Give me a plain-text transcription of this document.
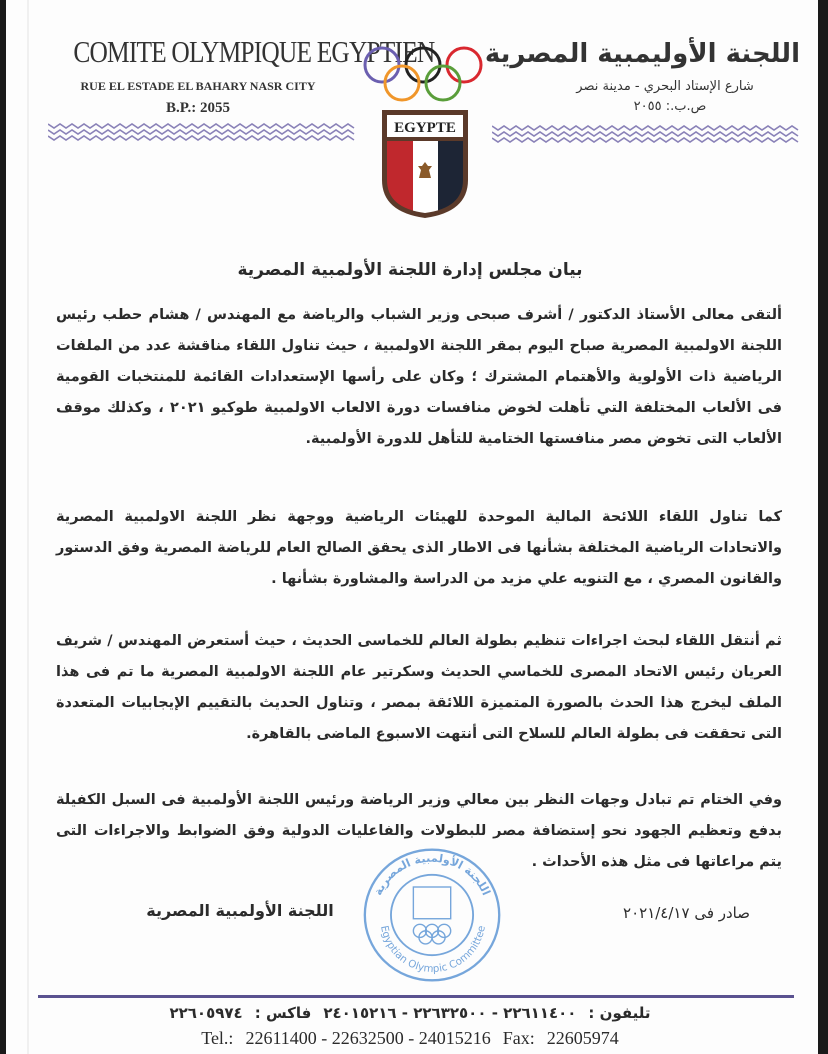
COMITE OLYMPIQUE EGYPTIEN
RUE EL ESTADE EL BAHARY NASR CITY
B.P.: 2055
اللجنة الأوليمبية المصرية
شارع الإستاد البحري - مدينة نصر
ص.ب.: ٢٠٥٥
EGYPTE
بيان مجلس إدارة اللجنة الأولمبية المصرية
ألتقى معالى الأستاذ الدكتور / أشرف صبحى وزير الشباب والرياضة مع المهندس / هشام حطب رئيس اللجنة الاولمبية المصرية صباح اليوم بمقر اللجنة الاولمبية ، حيث تناول اللقاء مناقشة عدد من الملفات الرياضية ذات الأولوية والأهتمام المشترك ؛ وكان على رأسها الإستعدادات القائمة للمنتخبات القومية فى الألعاب المختلفة التي تأهلت لخوض منافسات دورة الالعاب الاولمبية طوكيو ٢٠٢١ ، وكذلك موقف الألعاب التى تخوض مصر منافستها الختامية للتأهل للدورة الأولمبية.
كما تناول اللقاء اللائحة المالية الموحدة للهيئات الرياضية ووجهة نظر اللجنة الاولمبية المصرية والاتحادات الرياضية المختلفة بشأنها فى الاطار الذى يحقق الصالح العام للرياضة المصرية وفق الدستور والقانون المصري ، مع التنويه علي مزيد من الدراسة والمشاورة بشأنها .
ثم أنتقل اللقاء لبحث اجراءات تنظيم بطولة العالم للخماسى الحديث ، حيث أستعرض المهندس / شريف العريان رئيس الاتحاد المصرى للخماسي الحديث وسكرتير عام اللجنة الاولمبية المصرية ما تم فى هذا الملف ليخرج هذا الحدث بالصورة المتميزة اللائقة بمصر ، وتناول الحديث بالتقييم الإيجابيات المتعددة التى تحققت فى بطولة العالم للسلاح التى أنتهت الاسبوع الماضى بالقاهرة.
وفي الختام تم تبادل وجهات النظر بين معالي وزير الرياضة ورئيس اللجنة الأولمبية فى السبل الكفيلة بدفع وتعظيم الجهود نحو إستضافة مصر للبطولات والفاعليات الدولية وفق الضوابط والاجراءات التى يتم مراعاتها فى مثل هذه الأحداث .
اللجنة الأولمبية المصرية
Egyptian Olympic Committee
اللجنة الأولمبية المصرية	صادر فى ٢٠٢١/٤/١٧
تليفون :٢٢٦١١٤٠٠ - ٢٢٦٣٢٥٠٠ - ٢٤٠١٥٢١٦فاكس :٢٢٦٠٥٩٧٤
Tel.: 22611400 - 22632500 - 24015216 Fax: 22605974
